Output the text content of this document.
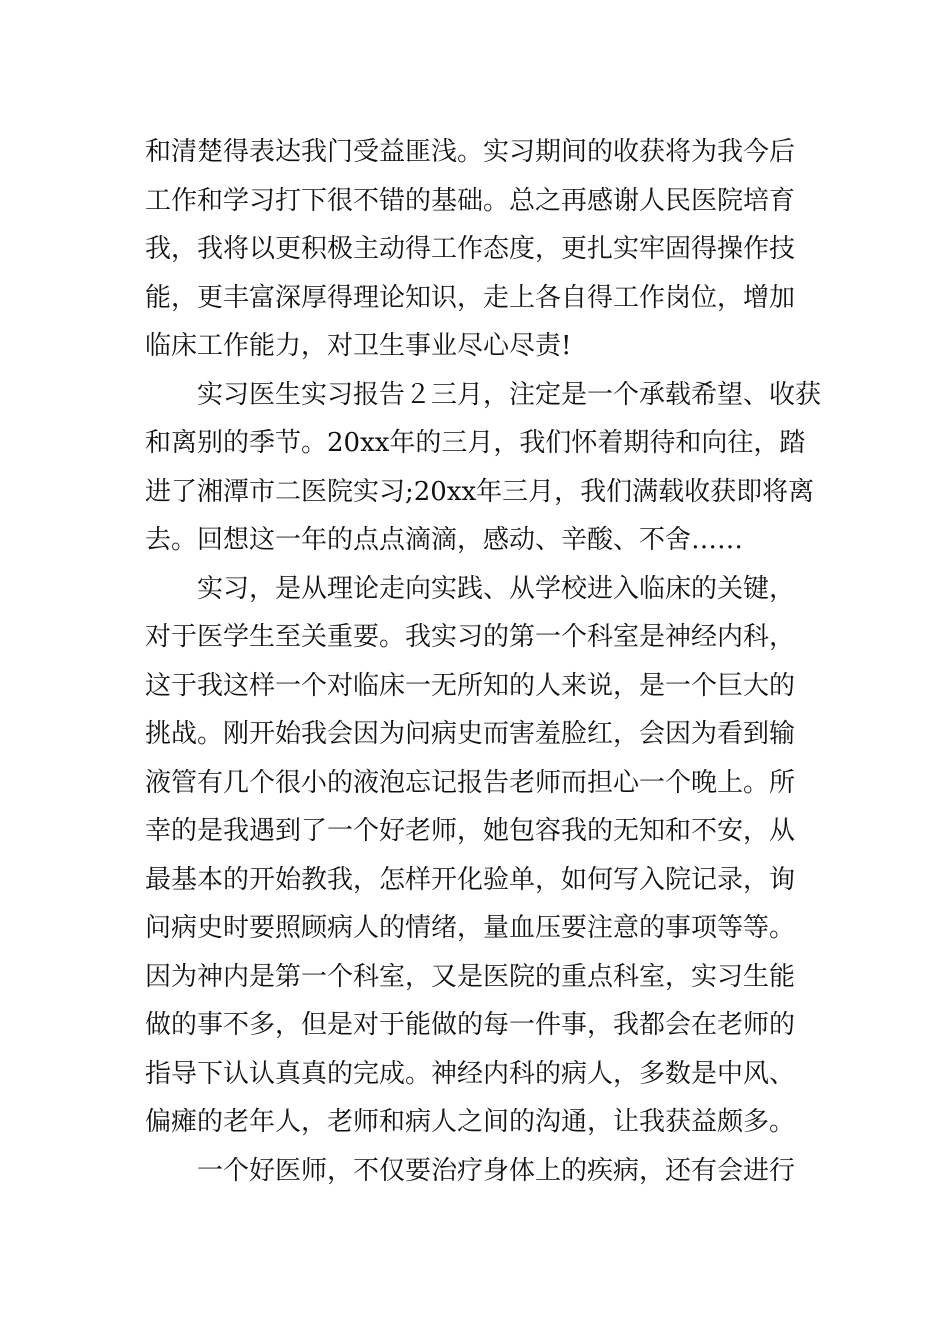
和清楚得表达我门受益匪浅。实习期间的收获将为我今后
工作和学习打下很不错的基础。总之再感谢人民医院培育
我，我将以更积极主动得工作态度，更扎实牢固得操作技
能，更丰富深厚得理论知识，走上各自得工作岗位，增加
临床工作能力，对卫生事业尽心尽责!
实习医生实习报告２三月，注定是一个承载希望、收获
和离别的季节。20xx年的三月，我们怀着期待和向往，踏
进了湘潭市二医院实习;20xx年三月，我们满载收获即将离
去。回想这一年的点点滴滴，感动、辛酸、不舍……
实习，是从理论走向实践、从学校进入临床的关键，
对于医学生至关重要。我实习的第一个科室是神经内科，
这于我这样一个对临床一无所知的人来说，是一个巨大的
挑战。刚开始我会因为问病史而害羞脸红，会因为看到输
液管有几个很小的液泡忘记报告老师而担心一个晚上。所
幸的是我遇到了一个好老师，她包容我的无知和不安，从
最基本的开始教我，怎样开化验单，如何写入院记录，询
问病史时要照顾病人的情绪，量血压要注意的事项等等。
因为神内是第一个科室，又是医院的重点科室，实习生能
做的事不多，但是对于能做的每一件事，我都会在老师的
指导下认认真真的完成。神经内科的病人，多数是中风、
偏瘫的老年人，老师和病人之间的沟通，让我获益颇多。
一个好医师，不仅要治疗身体上的疾病，还有会进行
